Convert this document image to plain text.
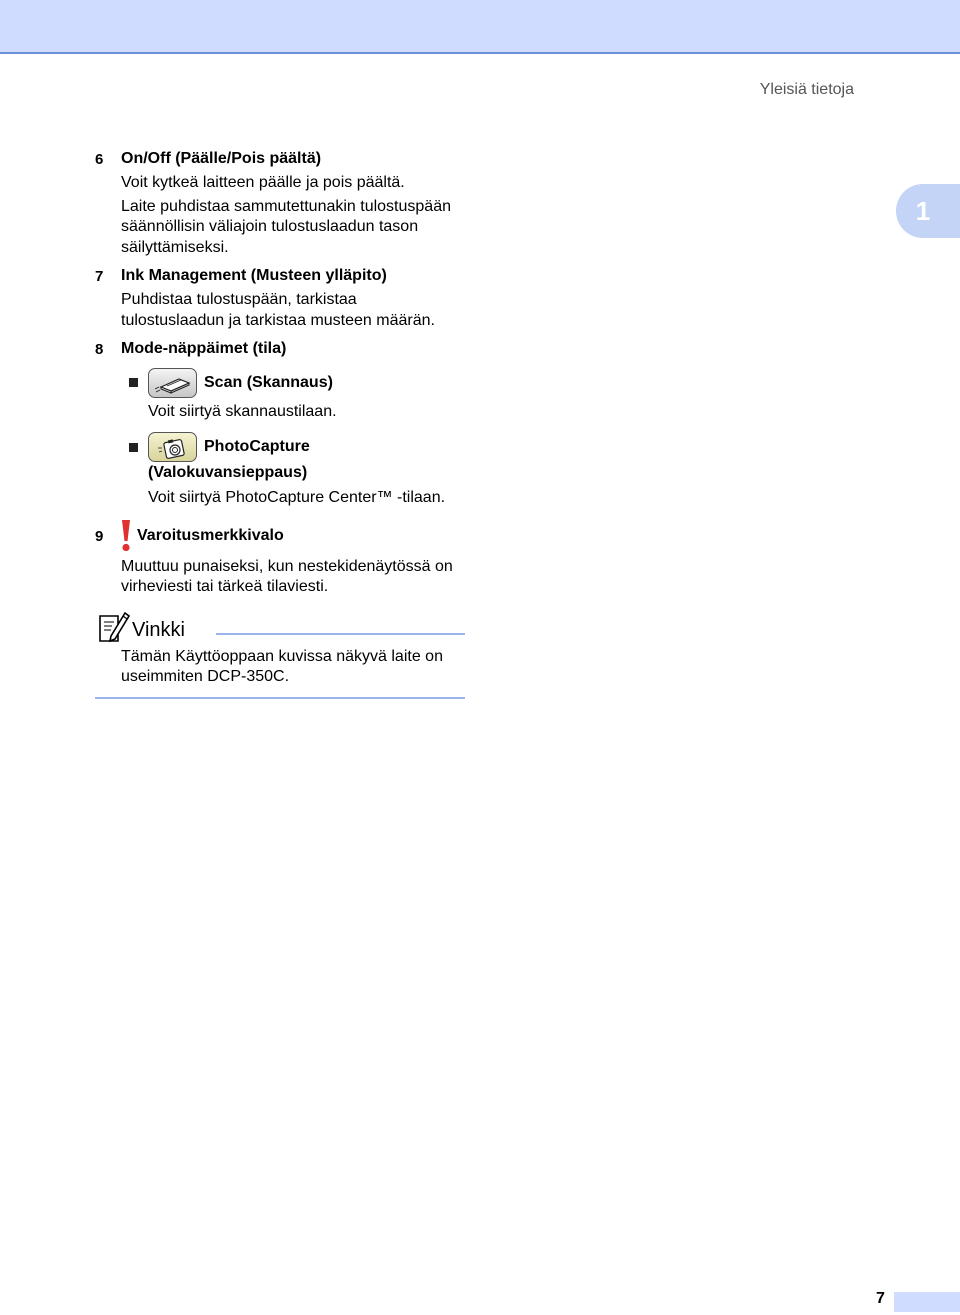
Yleisiä tietoja
1
6 On/Off (Päälle/Pois päältä)
Voit kytkeä laitteen päälle ja pois päältä.
Laite puhdistaa sammutettunakin tulostuspään
säännöllisin väliajoin tulostuslaadun tason
säilyttämiseksi.
7 Ink Management (Musteen ylläpito)
Puhdistaa tulostuspään, tarkistaa
tulostuslaadun ja tarkistaa musteen määrän.
8 Mode-näppäimet (tila)
Scan (Skannaus)
Voit siirtyä skannaustilaan.
PhotoCapture
(Valokuvansieppaus)
Voit siirtyä PhotoCapture Center™ -tilaan.
9 Varoitusmerkkivalo
Muuttuu punaiseksi, kun nestekidenäytössä on
virheviesti tai tärkeä tilaviesti.
Vinkki
Tämän Käyttöoppaan kuvissa näkyvä laite on
useimmiten DCP-350C.
7
